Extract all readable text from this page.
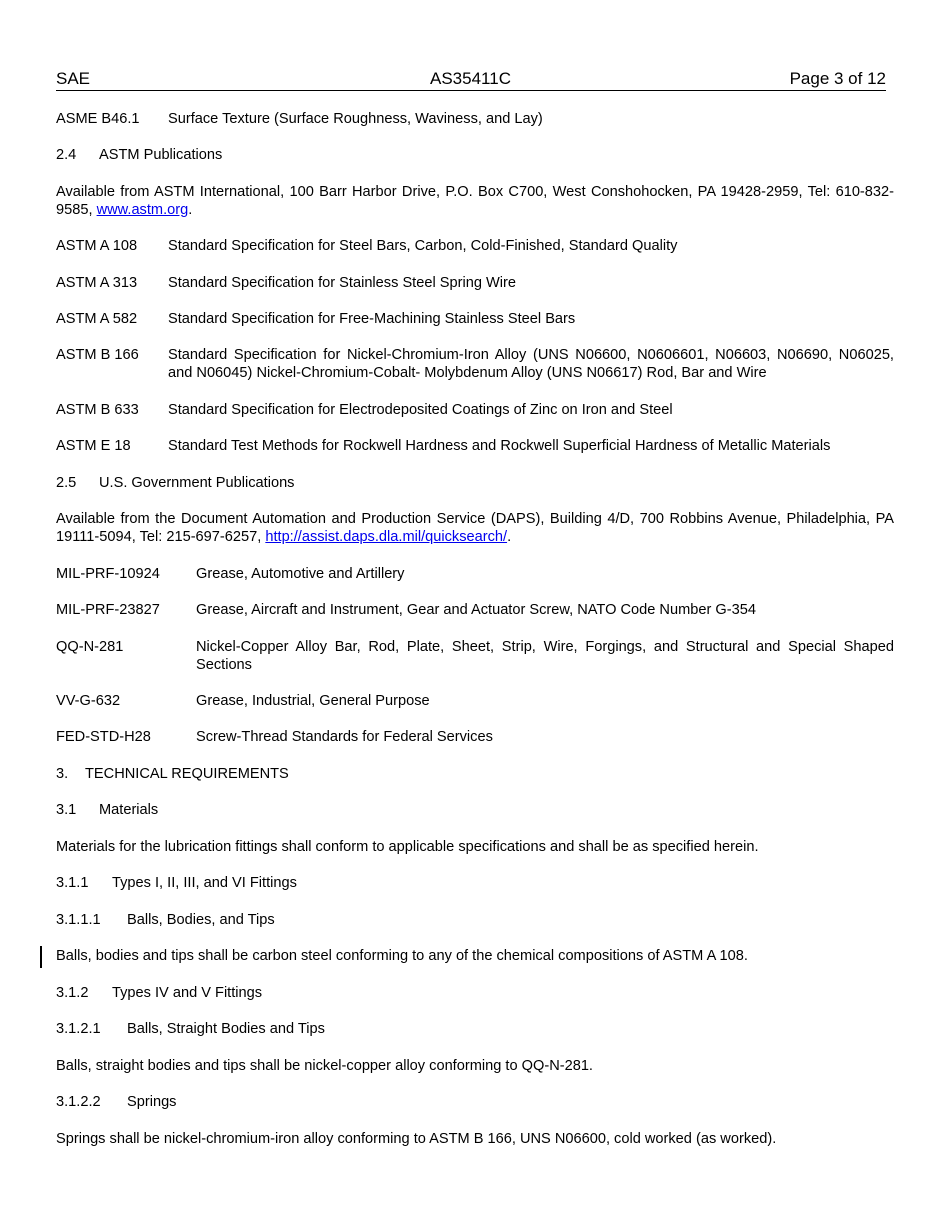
SAE	AS35411C	Page 3 of 12
ASME B46.1	Surface Texture (Surface Roughness, Waviness, and Lay)
2.4 ASTM Publications
Available from ASTM International, 100 Barr Harbor Drive, P.O. Box C700, West Conshohocken, PA 19428-2959, Tel: 610-832-9585, www.astm.org.
ASTM A 108	Standard Specification for Steel Bars, Carbon, Cold-Finished, Standard Quality
ASTM A 313	Standard Specification for Stainless Steel Spring Wire
ASTM A 582	Standard Specification for Free-Machining Stainless Steel Bars
ASTM B 166	Standard Specification for Nickel-Chromium-Iron Alloy (UNS N06600, N0606601, N06603, N06690, N06025, and N06045) Nickel-Chromium-Cobalt- Molybdenum Alloy (UNS N06617) Rod, Bar and Wire
ASTM B 633	Standard Specification for Electrodeposited Coatings of Zinc on Iron and Steel
ASTM E 18	Standard Test Methods for Rockwell Hardness and Rockwell Superficial Hardness of Metallic Materials
2.5 U.S. Government Publications
Available from the Document Automation and Production Service (DAPS), Building 4/D, 700 Robbins Avenue, Philadelphia, PA 19111-5094, Tel: 215-697-6257, http://assist.daps.dla.mil/quicksearch/.
MIL-PRF-10924	Grease, Automotive and Artillery
MIL-PRF-23827	Grease, Aircraft and Instrument, Gear and Actuator Screw, NATO Code Number G-354
QQ-N-281	Nickel-Copper Alloy Bar, Rod, Plate, Sheet, Strip, Wire, Forgings, and Structural and Special Shaped Sections
VV-G-632	Grease, Industrial, General Purpose
FED-STD-H28	Screw-Thread Standards for Federal Services
3. TECHNICAL REQUIREMENTS
3.1 Materials
Materials for the lubrication fittings shall conform to applicable specifications and shall be as specified herein.
3.1.1 Types I, II, III, and VI Fittings
3.1.1.1 Balls, Bodies, and Tips
Balls, bodies and tips shall be carbon steel conforming to any of the chemical compositions of ASTM A 108.
3.1.2 Types IV and V Fittings
3.1.2.1 Balls, Straight Bodies and Tips
Balls, straight bodies and tips shall be nickel-copper alloy conforming to QQ-N-281.
3.1.2.2 Springs
Springs shall be nickel-chromium-iron alloy conforming to ASTM B 166, UNS N06600, cold worked (as worked).
